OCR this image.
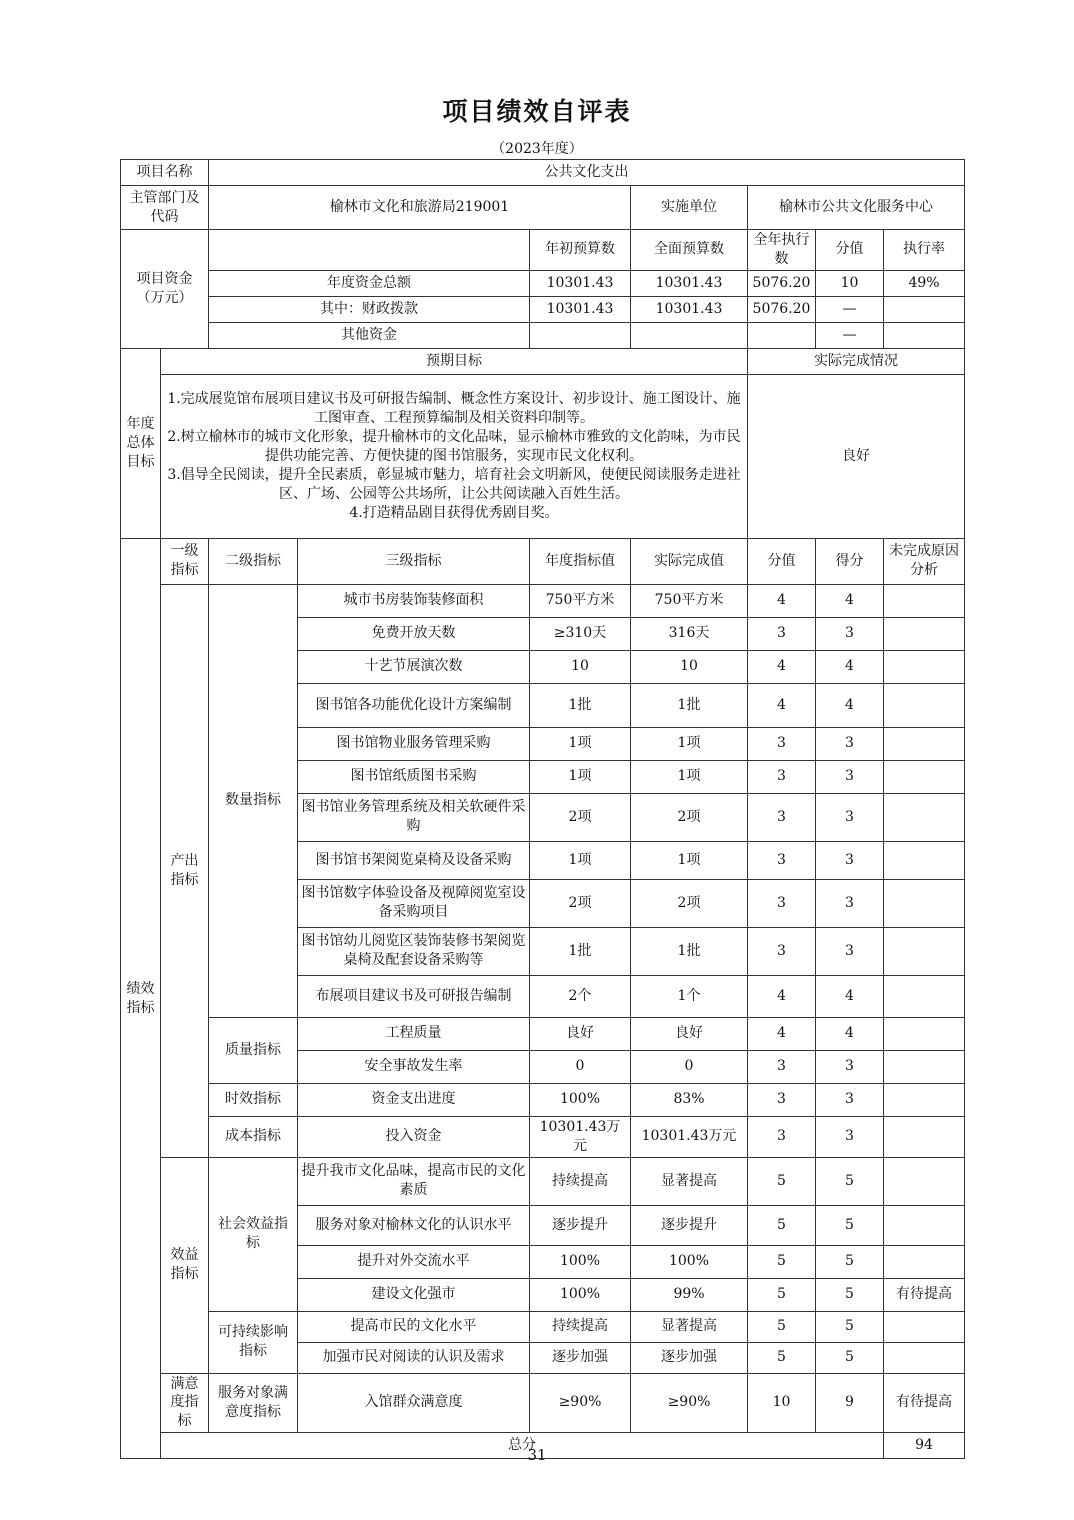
项目绩效自评表
（2023年度）
项目名称		公共文化支出							
主管部门及代码		榆林市文化和旅游局219001			实施单位	榆林市公共文化服务中心			
项目资金（万元）				年初预算数	全面预算数	全年执行数	分值	执行率	
		年度资金总额		10301.43	10301.43	5076.20	10	49%	
		其中：财政拨款		10301.43	10301.43	5076.20	—		
		其他资金					—		
年度总体目标	预期目标					实际完成情况			

	1.完成展览馆布展项目建议书及可研报告编制、概念性方案设计、初步设计、施工图设计、施工图审查、工程预算编制及相关资料印制等。
2.树立榆林市的城市文化形象，提升榆林市的文化品味，显示榆林市雅致的文化韵味，为市民提供功能完善、方便快捷的图书馆服务，实现市民文化权利。
3.倡导全民阅读，提升全民素质，彰显城市魅力，培育社会文明新风，使便民阅读服务走进社区、广场、公园等公共场所，让公共阅读融入百姓生活。
4.打造精品剧目获得优秀剧目奖。					良好			
绩效指标	一级指标	二级指标	三级指标	年度指标值	实际完成值	分值	得分	未完成原因分析	
	产出指标	数量指标	城市书房装饰装修面积	750平方米	750平方米	4	4		
			免费开放天数	≥310天	316天	3	3		
			十艺节展演次数	10	10	4	4		
			图书馆各功能优化设计方案编制	1批	1批	4	4		
			图书馆物业服务管理采购	1项	1项	3	3		
			图书馆纸质图书采购	1项	1项	3	3		
			图书馆业务管理系统及相关软硬件采购	2项	2项	3	3		
			图书馆书架阅览桌椅及设备采购	1项	1项	3	3		
			图书馆数字体验设备及视障阅览室设备采购项目	2项	2项	3	3		
			图书馆幼儿阅览区装饰装修书架阅览桌椅及配套设备采购等	1批	1批	3	3		
			布展项目建议书及可研报告编制	2个	1个	4	4		
		质量指标	工程质量	良好	良好	4	4		
			安全事故发生率	0	0	3	3		
		时效指标	资金支出进度	100%	83%	3	3		
		成本指标	投入资金	10301.43万元	10301.43万元	3	3		
	效益指标	社会效益指标	提升我市文化品味，提高市民的文化素质	持续提高	显著提高	5	5		
			服务对象对榆林文化的认识水平	逐步提升	逐步提升	5	5		
			提升对外交流水平	100%	100%	5	5		
			建设文化强市	100%	99%	5	5	有待提高	
		可持续影响指标	提高市民的文化水平	持续提高	显著提高	5	5		
			加强市民对阅读的认识及需求	逐步加强	逐步加强	5	5		
	满意度指标	服务对象满意度指标	入馆群众满意度	≥90%	≥90%	10	9	有待提高	
	总分							94	
31
